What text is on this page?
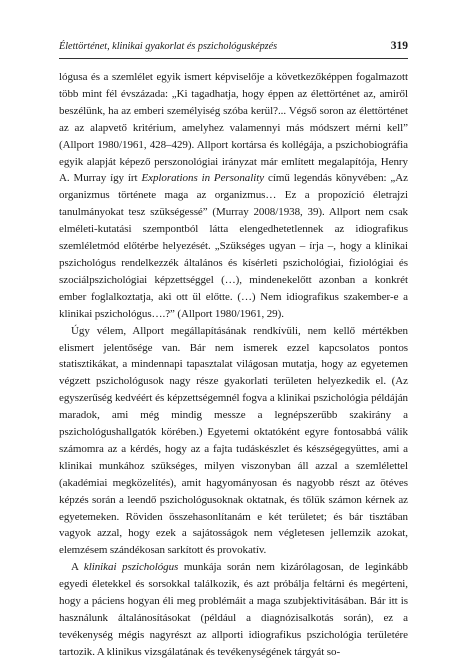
Élettörténet, klinikai gyakorlat és pszichológusképzés	319

lógusa és a szemlélet egyik ismert képviselője a következőképpen fogalmazott több mint fél évszázada: „Ki tagadhatja, hogy éppen az élettörténet az, amiről beszélünk, ha az emberi személyiség szóba kerül?... Végső soron az élettörténet az az alapvető kritérium, amelyhez valamennyi más módszert mérni kell” (Allport 1980/1961, 428–429). Allport kortársa és kollégája, a pszichobiográfia egyik alapját képező perszonológiai irányzat már említett megalapítója, Henry A. Murray így írt Explorations in Personality című legendás könyvében: „Az organizmus története maga az organizmus… Ez a propozíció életrajzi tanulmányokat tesz szükségessé” (Murray 2008/1938, 39). Allport nem csak elméleti-kutatási szempontból látta elengedhetetlennek az idiografikus szemléletmód előtérbe helyezését. „Szükséges ugyan – írja –, hogy a klinikai pszichológus rendelkezzék általános és kísérleti pszichológiai, fiziológiai és szociálpszichológiai képzettséggel (…), mindenekelőtt azonban a konkrét ember foglalkoztatja, aki ott ül előtte. (…) Nem idiografikus szakember-e a klinikai pszichológus….?” (Allport 1980/1961, 29).

Úgy vélem, Allport megállapításának rendkívüli, nem kellő mértékben elismert jelentősége van. Bár nem ismerek ezzel kapcsolatos pontos statisztikákat, a mindennapi tapasztalat világosan mutatja, hogy az egyetemen végzett pszichológusok nagy része gyakorlati területen helyezkedik el. (Az egyszerűség kedvéért és képzettségemnél fogva a klinikai pszichológia példáján maradok, ami még mindig messze a legnépszerűbb szakirány a pszichológushallgatók körében.) Egyetemi oktatóként egyre fontosabbá válik számomra az a kérdés, hogy az a fajta tudáskészlet és készségegyüttes, ami a klinikai munkához szükséges, milyen viszonyban áll azzal a szemlélettel (akadémiai megközelítés), amit hagyományosan és nagyobb részt az ötéves képzés során a leendő pszichológusoknak oktatnak, és tőlük számon kérnek az egyetemeken. Röviden összehasonlítanám e két területet; és bár tisztában vagyok azzal, hogy ezek a sajátosságok nem végletesen jellemzik azokat, elemzésem szándékosan sarkított és provokatív.

A klinikai pszichológus munkája során nem kizárólagosan, de leginkább egyedi életekkel és sorsokkal találkozik, és azt próbálja feltárni és megérteni, hogy a páciens hogyan éli meg problémáit a maga szubjektivitásában. Bár itt is használunk általánosításokat (például a diagnózisalkotás során), ez a tevékenység mégis nagyrészt az allporti idiografikus pszichológia területére tartozik. A klinikus vizsgálatának és tevékenységének tárgyát so-
